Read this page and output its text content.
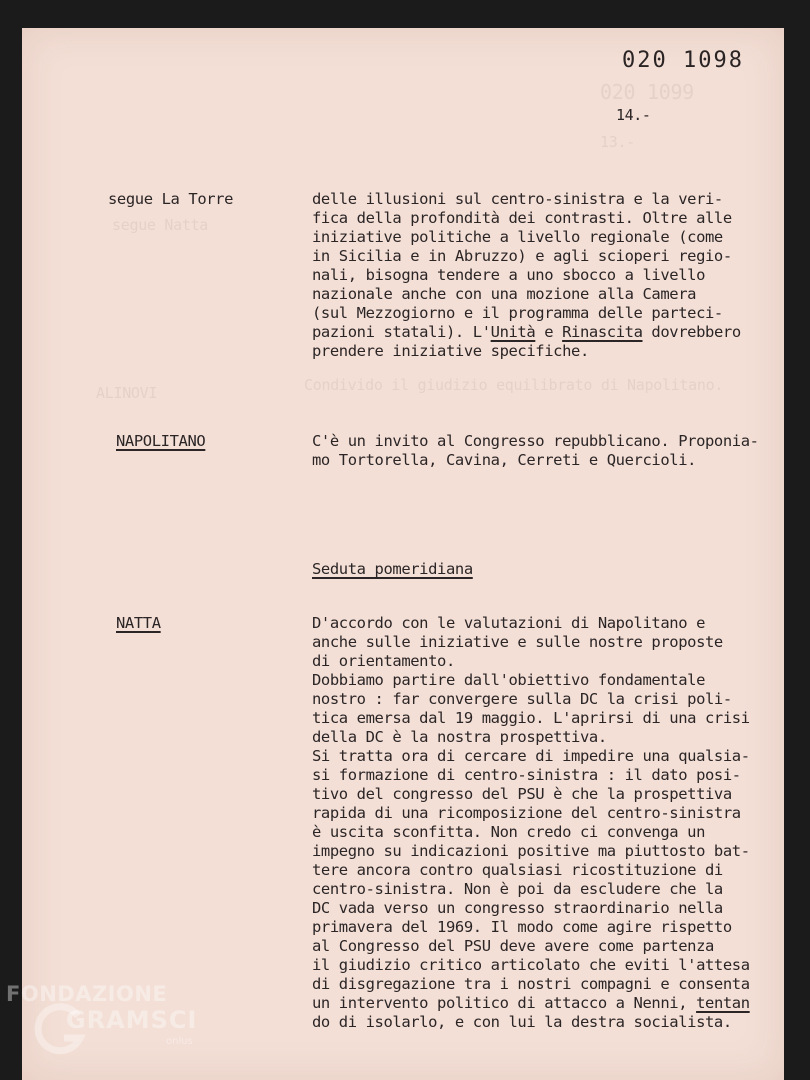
020 1099
13.-
segue Natta
ALINOVI	Condivido il giudizio equilibrato di Napolitano.
020 1098
14.-
segue La Torre	delle illusioni sul centro-sinistra e la veri-
fica della profondità dei contrasti. Oltre alle
iniziative politiche a livello regionale (come
in Sicilia e in Abruzzo) e agli scioperi regio-
nali, bisogna tendere a uno sbocco a livello
nazionale anche con una mozione alla Camera
(sul Mezzogiorno e il programma delle parteci-
pazioni statali). L'Unità e Rinascita dovrebbero
prendere iniziative specifiche.
NAPOLITANO	C'è un invito al Congresso repubblicano. Proponia-
mo Tortorella, Cavina, Cerreti e Quercioli.
Seduta pomeridiana
NATTA	D'accordo con le valutazioni di Napolitano e
anche sulle iniziative e sulle nostre proposte
di orientamento.
Dobbiamo partire dall'obiettivo fondamentale
nostro : far convergere sulla DC la crisi poli-
tica emersa dal 19 maggio. L'aprirsi di una crisi
della DC è la nostra prospettiva.
Si tratta ora di cercare di impedire una qualsia-
si formazione di centro-sinistra : il dato posi-
tivo del congresso del PSU è che la prospettiva
rapida di una ricomposizione del centro-sinistra
è uscita sconfitta. Non credo ci convenga un
impegno su indicazioni positive ma piuttosto bat-
tere ancora contro qualsiasi ricostituzione di
centro-sinistra. Non è poi da escludere che la
DC vada verso un congresso straordinario nella
primavera del 1969. Il modo come agire rispetto
al Congresso del PSU deve avere come partenza
il giudizio critico articolato che eviti l'attesa
di disgregazione tra i nostri compagni e consenta
un intervento politico di attacco a Nenni, tentan
do di isolarlo, e con lui la destra socialista.
FONDAZIONE
GRAMSCI
onlus
